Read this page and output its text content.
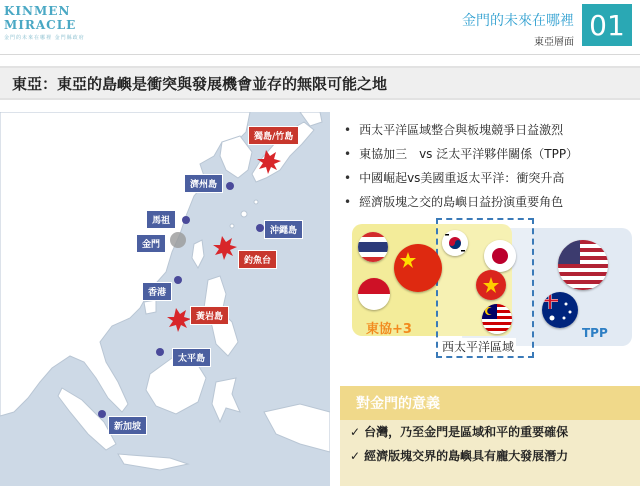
KINMEN MIRACLE
金門的未來在哪裡 金門縣政府
金門的未來在哪裡
東亞層面
01
東亞：東亞的島嶼是衝突與發展機會並存的無限可能之地
獨島/竹島
濟州島
沖繩島
馬祖
金門
釣魚台
香港
黃岩島
太平島
新加坡
• 西太平洋區域整合與板塊競爭日益激烈
• 東協加三　vs 泛太平洋夥伴關係（TPP）
• 中國崛起vs美國重返太平洋：衝突升高
• 經濟版塊之交的島嶼日益扮演重要角色
東協+3
西太平洋區域
TPP
對金門的意義
✓ 台灣，乃至金門是區域和平的重要確保
✓ 經濟版塊交界的島嶼具有龐大發展潛力
